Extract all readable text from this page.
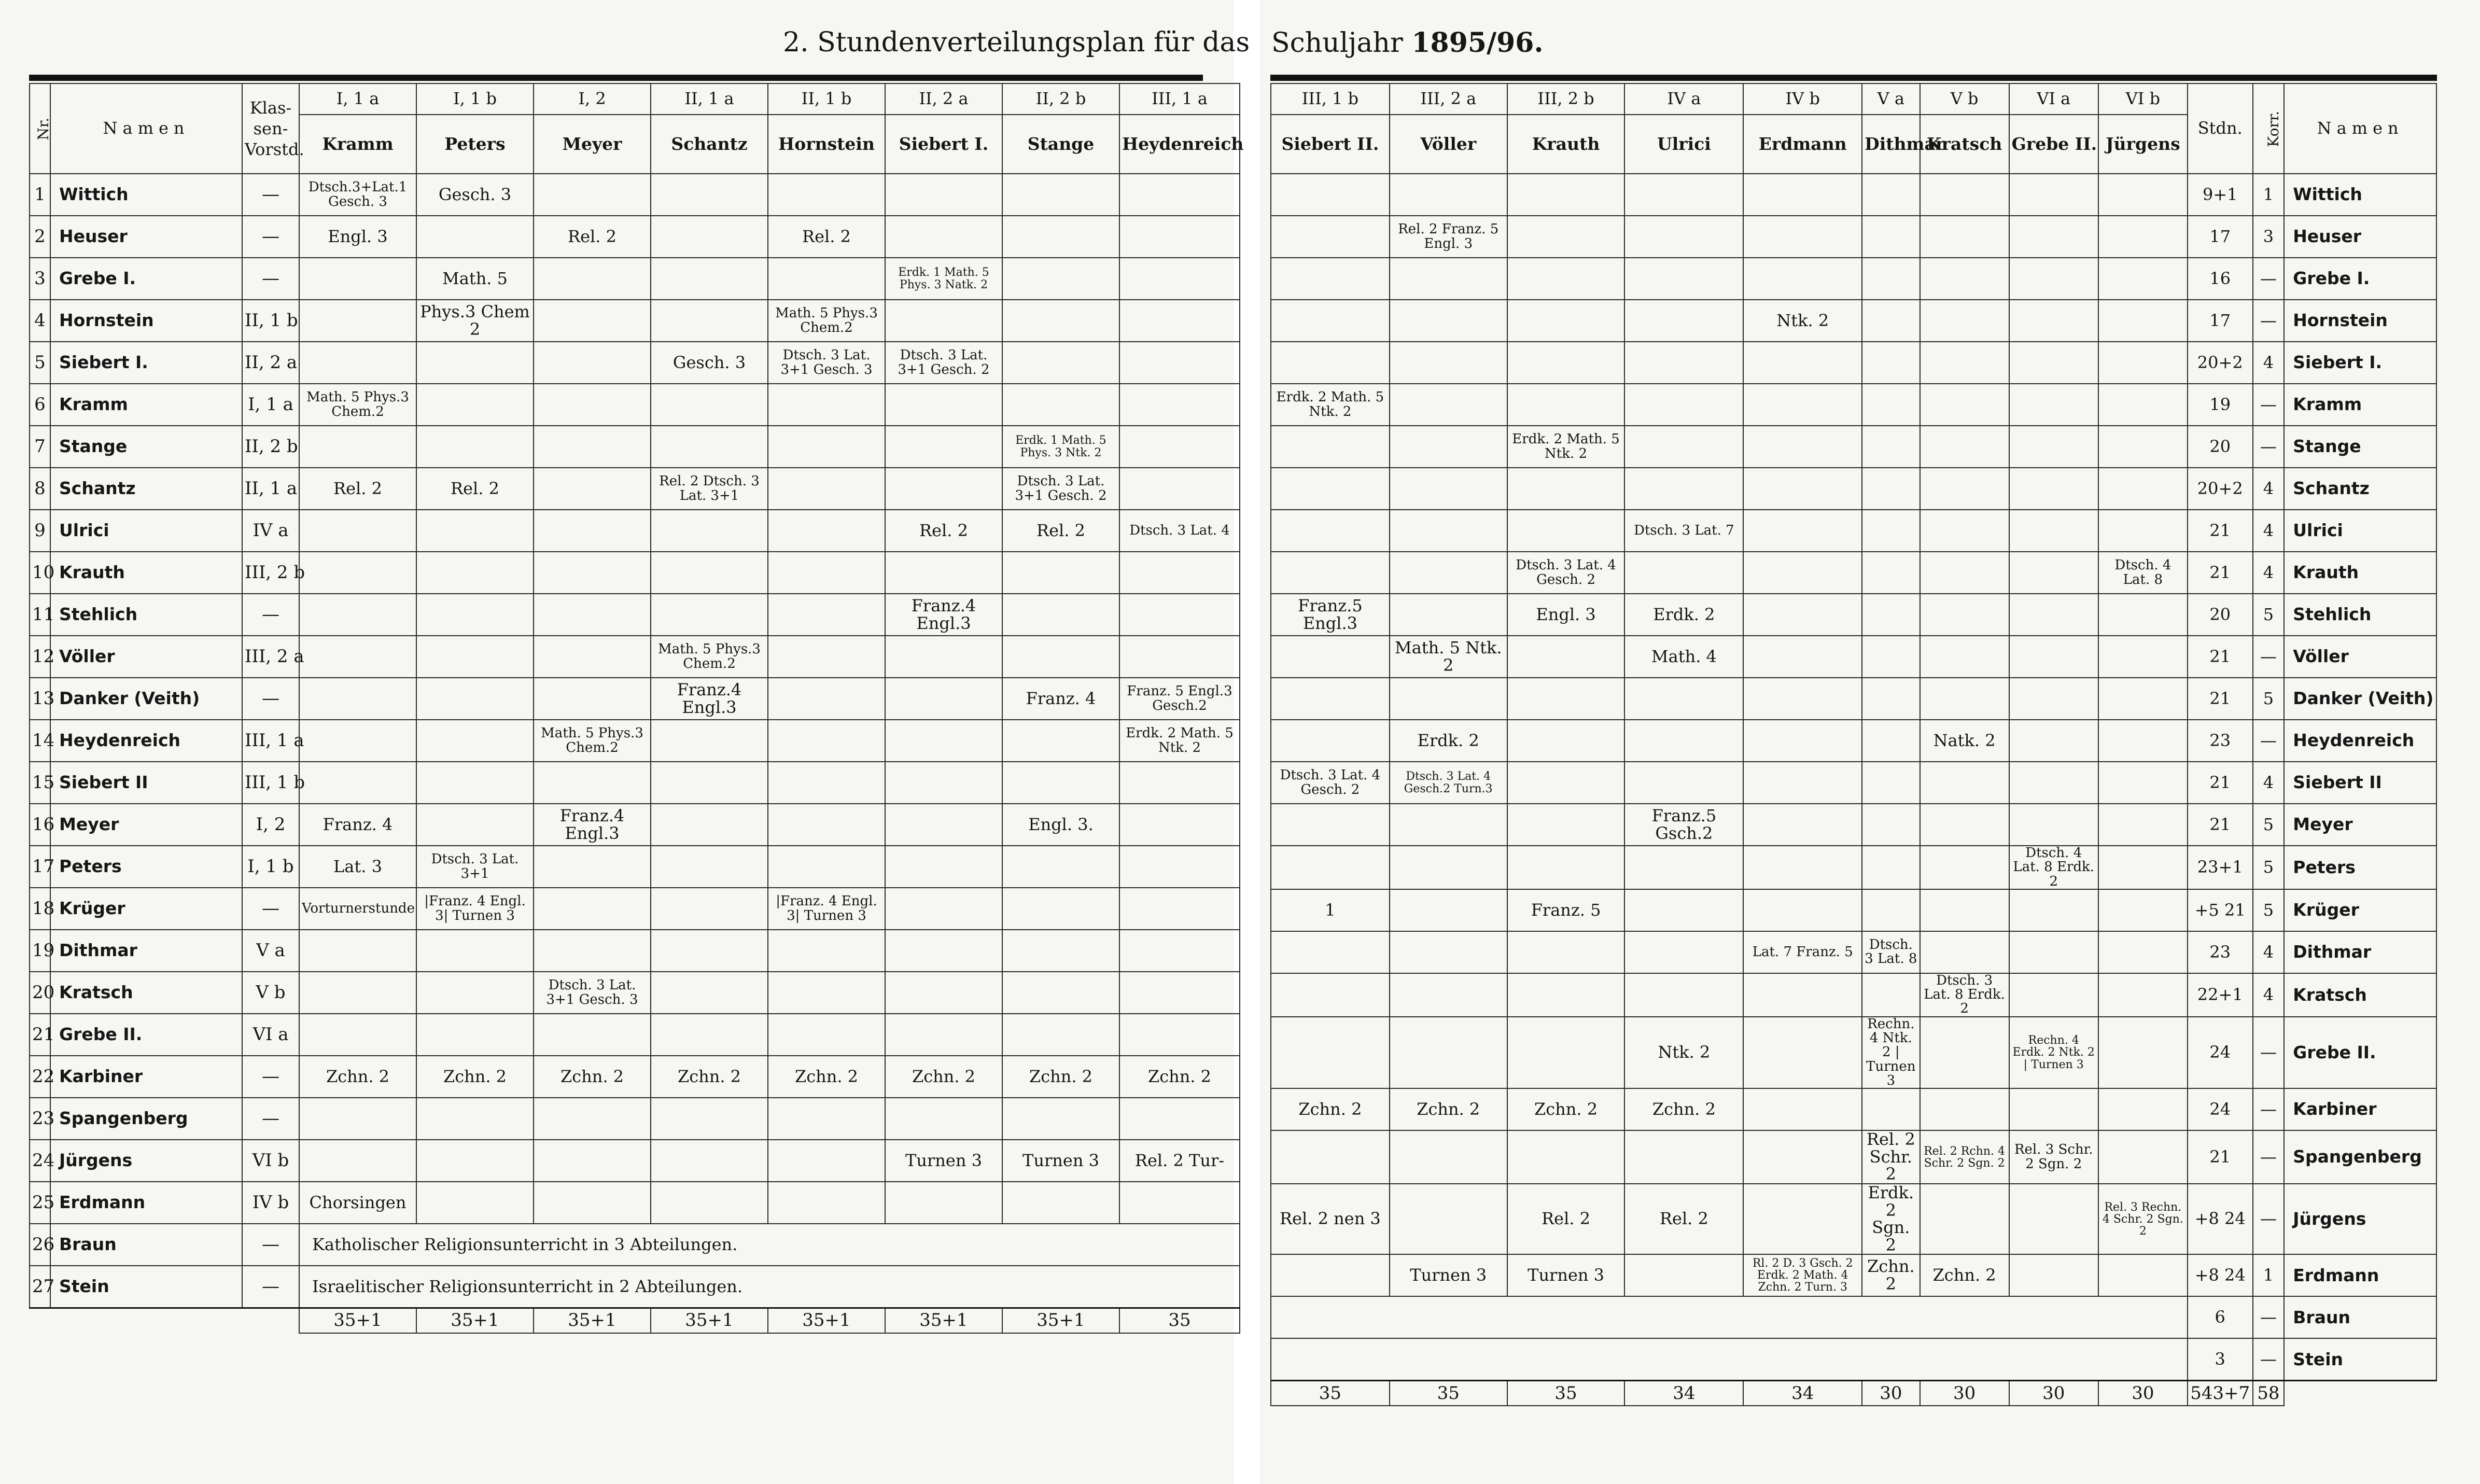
2. Stundenverteilungsplan für das Schuljahr 1895/96.
Nr.	Namen	Klas-sen-Vorstd.	I, 1 a	I, 1 b	I, 2	II, 1 a	II, 1 b	II, 2 a	II, 2 b	III, 1 a
			Kramm	Peters	Meyer	Schantz	Hornstein	Siebert I.	Stange	Heydenreich
1	Wittich	—	Dtsch.3+Lat.1 Gesch. 3	Gesch. 3						
2	Heuser	—	Engl. 3		Rel. 2		Rel. 2			
3	Grebe I.	—		Math. 5				Erdk. 1 Math. 5 Phys. 3 Natk. 2		
4	Hornstein	II, 1 b		Phys.3 Chem 2			Math. 5 Phys.3 Chem.2			
5	Siebert I.	II, 2 a				Gesch. 3	Dtsch. 3 Lat. 3+1 Gesch. 3	Dtsch. 3 Lat. 3+1 Gesch. 2		
6	Kramm	I, 1 a	Math. 5 Phys.3 Chem.2							
7	Stange	II, 2 b							Erdk. 1 Math. 5 Phys. 3 Ntk. 2	
8	Schantz	II, 1 a	Rel. 2	Rel. 2		Rel. 2 Dtsch. 3 Lat. 3+1			Dtsch. 3 Lat. 3+1 Gesch. 2	
9	Ulrici	IV a						Rel. 2	Rel. 2	Dtsch. 3 Lat. 4
10	Krauth	III, 2 b								
11	Stehlich	—						Franz.4 Engl.3		
12	Völler	III, 2 a				Math. 5 Phys.3 Chem.2				
13	Danker (Veith)	—				Franz.4 Engl.3			Franz. 4	Franz. 5 Engl.3 Gesch.2
14	Heydenreich	III, 1 a			Math. 5 Phys.3 Chem.2					Erdk. 2 Math. 5 Ntk. 2
15	Siebert II	III, 1 b								
16	Meyer	I, 2	Franz. 4		Franz.4 Engl.3				Engl. 3.	
17	Peters	I, 1 b	Lat. 3	Dtsch. 3 Lat. 3+1						
18	Krüger	—	Vorturnerstunde	|Franz. 4 Engl. 3| Turnen 3			|Franz. 4 Engl. 3| Turnen 3			
19	Dithmar	V a								
20	Kratsch	V b			Dtsch. 3 Lat. 3+1 Gesch. 3					
21	Grebe II.	VI a								
22	Karbiner	—	Zchn. 2	Zchn. 2	Zchn. 2	Zchn. 2	Zchn. 2	Zchn. 2	Zchn. 2	Zchn. 2
23	Spangenberg	—								
24	Jürgens	VI b						Turnen 3	Turnen 3	Rel. 2 Tur-
25	Erdmann	IV b	Chorsingen							
26	Braun	—	Katholischer Religionsunterricht in 3 Abteilungen.							
27	Stein	—	Israelitischer Religionsunterricht in 2 Abteilungen.							
			35+1	35+1	35+1	35+1	35+1	35+1	35+1	35
III, 1 b	III, 2 a	III, 2 b	IV a	IV b	V a	V b	VI a	VI b	Stdn.	Korr.	Namen
Siebert II.	Völler	Krauth	Ulrici	Erdmann	Dithmar	Kratsch	Grebe II.	Jürgens			
									9+1	1	Wittich
	Rel. 2 Franz. 5 Engl. 3								17	3	Heuser
									16	—	Grebe I.
				Ntk. 2					17	—	Hornstein
									20+2	4	Siebert I.
Erdk. 2 Math. 5 Ntk. 2									19	—	Kramm
		Erdk. 2 Math. 5 Ntk. 2							20	—	Stange
									20+2	4	Schantz
			Dtsch. 3 Lat. 7						21	4	Ulrici
		Dtsch. 3 Lat. 4 Gesch. 2						Dtsch. 4 Lat. 8	21	4	Krauth
Franz.5 Engl.3		Engl. 3	Erdk. 2						20	5	Stehlich
	Math. 5 Ntk. 2		Math. 4						21	—	Völler
									21	5	Danker (Veith)
	Erdk. 2					Natk. 2			23	—	Heydenreich
Dtsch. 3 Lat. 4 Gesch. 2	Dtsch. 3 Lat. 4 Gesch.2 Turn.3								21	4	Siebert II
			Franz.5 Gsch.2						21	5	Meyer
							Dtsch. 4 Lat. 8 Erdk. 2		23+1	5	Peters
1		Franz. 5							+5 21	5	Krüger
				Lat. 7 Franz. 5	Dtsch. 3 Lat. 8				23	4	Dithmar
						Dtsch. 3 Lat. 8 Erdk. 2			22+1	4	Kratsch
			Ntk. 2		Rechn. 4 Ntk. 2 | Turnen 3		Rechn. 4 Erdk. 2 Ntk. 2 | Turnen 3		24	—	Grebe II.
Zchn. 2	Zchn. 2	Zchn. 2	Zchn. 2						24	—	Karbiner
					Rel. 2 Schr. 2	Rel. 2 Rchn. 4 Schr. 2 Sgn. 2	Rel. 3 Schr. 2 Sgn. 2		21	—	Spangenberg
Rel. 2 nen 3		Rel. 2	Rel. 2		Erdk. 2 Sgn. 2			Rel. 3 Rechn. 4 Schr. 2 Sgn. 2	+8 24	—	Jürgens
	Turnen 3	Turnen 3		Rl. 2 D. 3 Gsch. 2 Erdk. 2 Math. 4 Zchn. 2 Turn. 3	Zchn. 2	Zchn. 2			+8 24	1	Erdmann
									6	—	Braun
									3	—	Stein
35	35	35	34	34	30	30	30	30	543+7	58	
